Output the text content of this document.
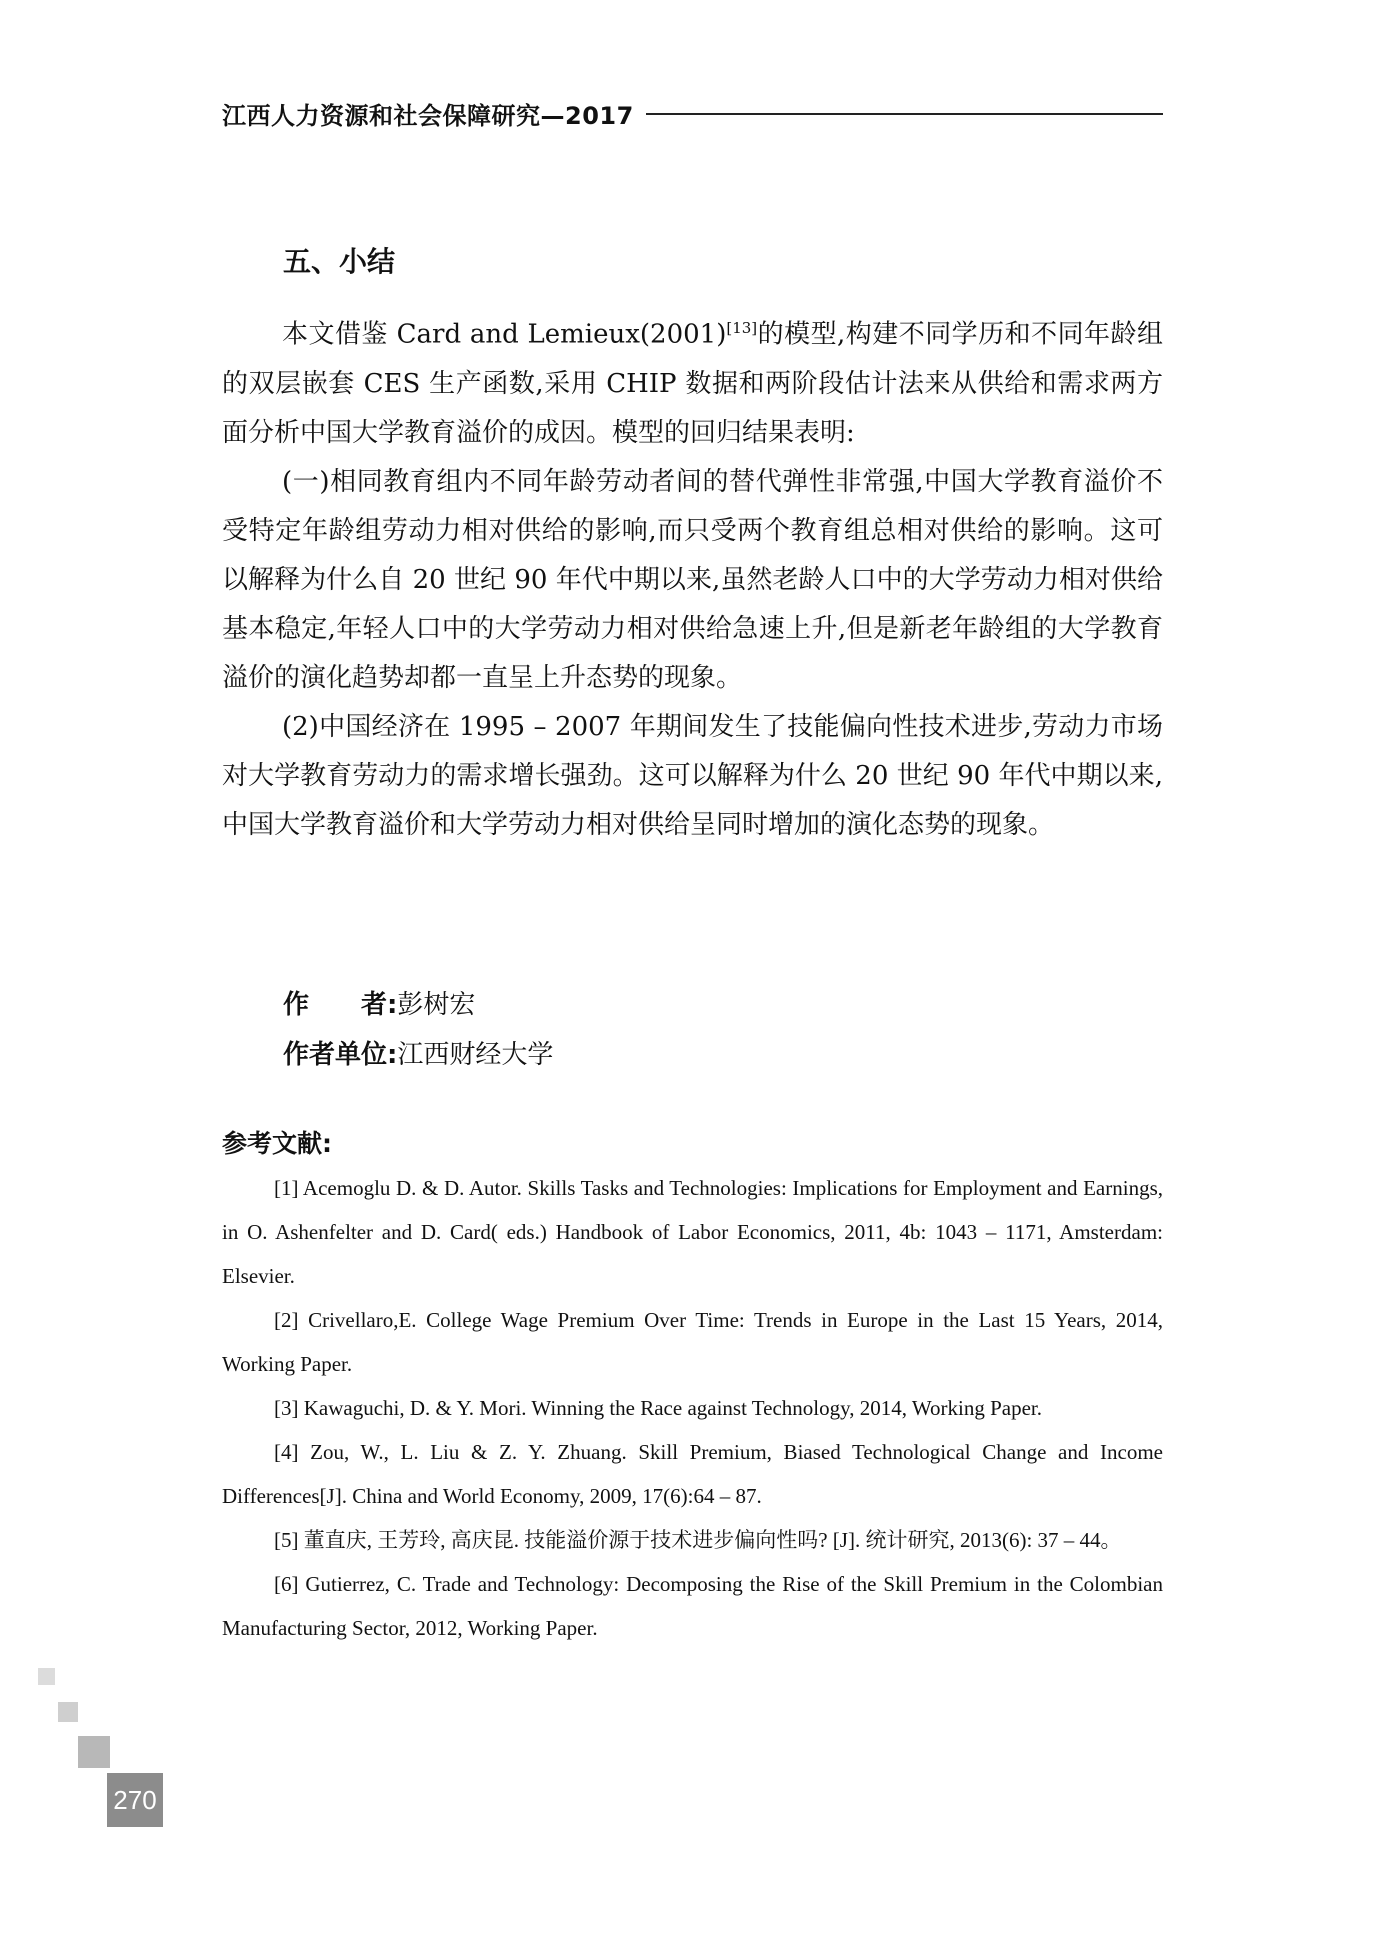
江西人力资源和社会保障研究—2017
五、小结

本文借鉴 Card and Lemieux(2001)[13]的模型,构建不同学历和不同年龄组的双层嵌套 CES 生产函数,采用 CHIP 数据和两阶段估计法来从供给和需求两方面分析中国大学教育溢价的成因。模型的回归结果表明:

(一)相同教育组内不同年龄劳动者间的替代弹性非常强,中国大学教育溢价不受特定年龄组劳动力相对供给的影响,而只受两个教育组总相对供给的影响。这可以解释为什么自 20 世纪 90 年代中期以来,虽然老龄人口中的大学劳动力相对供给基本稳定,年轻人口中的大学劳动力相对供给急速上升,但是新老年龄组的大学教育溢价的演化趋势却都一直呈上升态势的现象。

(2)中国经济在 1995 – 2007 年期间发生了技能偏向性技术进步,劳动力市场对大学教育劳动力的需求增长强劲。这可以解释为什么 20 世纪 90 年代中期以来,中国大学教育溢价和大学劳动力相对供给呈同时增加的演化态势的现象。

作　　者:彭树宏
作者单位:江西财经大学
参考文献:

[1] Acemoglu D. & D. Autor. Skills Tasks and Technologies: Implications for Employment and Earnings, in O. Ashenfelter and D. Card( eds.) Handbook of Labor Economics, 2011, 4b: 1043 – 1171, Amsterdam: Elsevier.

[2] Crivellaro,E. College Wage Premium Over Time: Trends in Europe in the Last 15 Years, 2014, Working Paper.

[3] Kawaguchi, D. & Y. Mori. Winning the Race against Technology, 2014, Working Paper.

[4] Zou, W., L. Liu & Z. Y. Zhuang. Skill Premium, Biased Technological Change and Income Differences[J]. China and World Economy, 2009, 17(6):64 – 87.

[5] 董直庆, 王芳玲, 高庆昆. 技能溢价源于技术进步偏向性吗? [J]. 统计研究, 2013(6): 37 – 44。

[6] Gutierrez, C. Trade and Technology: Decomposing the Rise of the Skill Premium in the Colombian Manufacturing Sector, 2012, Working Paper.

270
